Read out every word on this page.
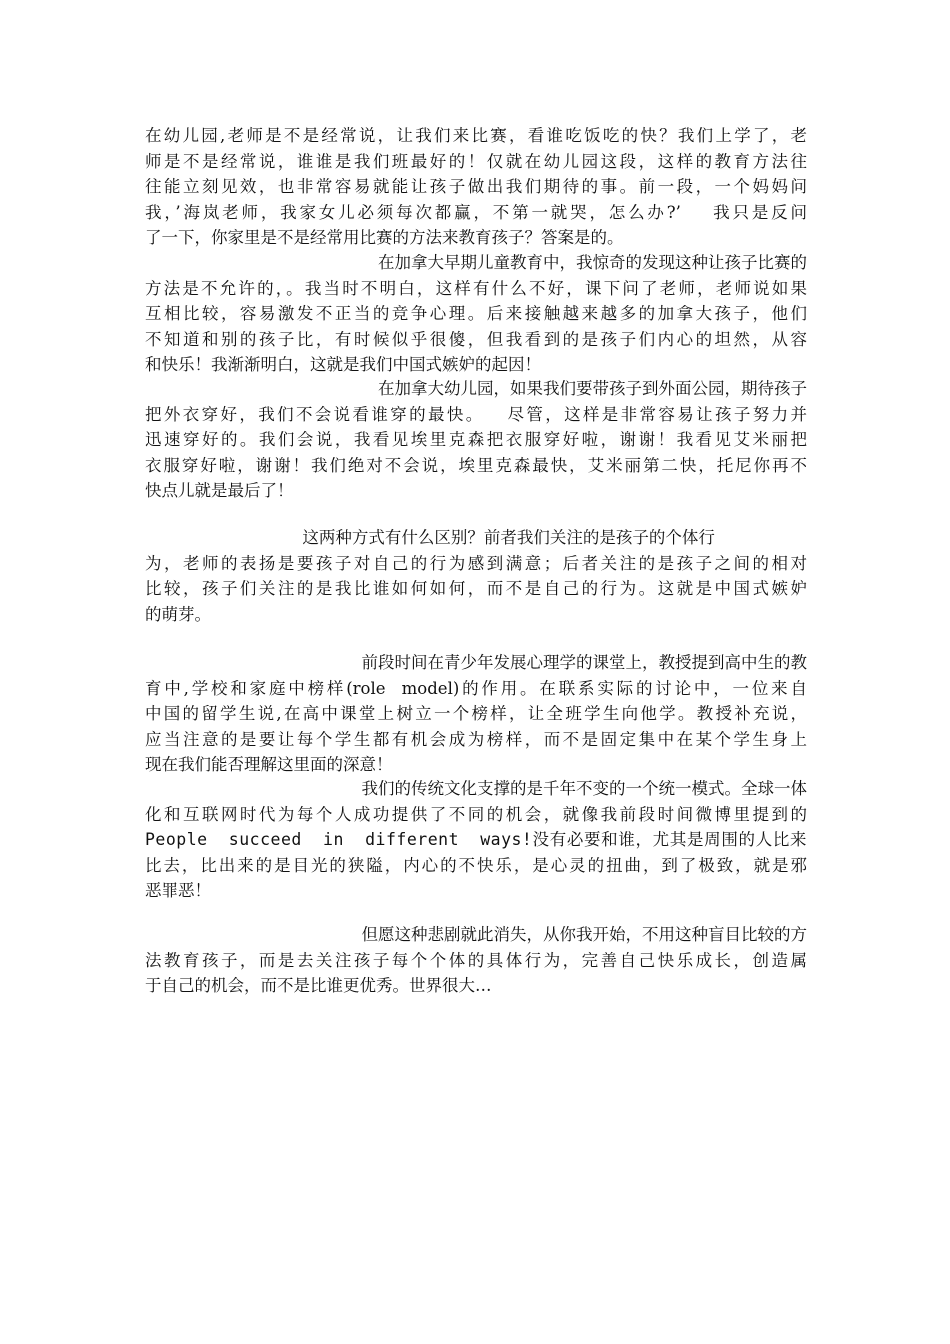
在幼儿园,老师是不是经常说，让我们来比赛，看谁吃饭吃的快？我们上学了，老
师是不是经常说，谁谁是我们班最好的！仅就在幼儿园这段，这样的教育方法往
往能立刻见效，也非常容易就能让孩子做出我们期待的事。前一段，一个妈妈问
我，’海岚老师，我家女儿必须每次都赢，不第一就哭，怎么办?’    我只是反问
了一下，你家里是不是经常用比赛的方法来教育孩子？答案是的。
在加拿大早期儿童教育中，我惊奇的发现这种让孩子比赛的
方法是不允许的，。我当时不明白，这样有什么不好，课下问了老师，老师说如果
互相比较，容易激发不正当的竞争心理。后来接触越来越多的加拿大孩子，他们
不知道和别的孩子比，有时候似乎很傻，但我看到的是孩子们内心的坦然，从容
和快乐！我渐渐明白，这就是我们中国式嫉妒的起因！
在加拿大幼儿园，如果我们要带孩子到外面公园，期待孩子
把外衣穿好，我们不会说看谁穿的最快。   尽管，这样是非常容易让孩子努力并
迅速穿好的。我们会说，我看见埃里克森把衣服穿好啦，谢谢！我看见艾米丽把
衣服穿好啦，谢谢！我们绝对不会说，埃里克森最快，艾米丽第二快，托尼你再不
快点儿就是最后了！
这两种方式有什么区别？前者我们关注的是孩子的个体行
为，老师的表扬是要孩子对自己的行为感到满意；后者关注的是孩子之间的相对
比较，孩子们关注的是我比谁如何如何，而不是自己的行为。这就是中国式嫉妒
的萌芽。
前段时间在青少年发展心理学的课堂上，教授提到高中生的教
育中,学校和家庭中榜样(role  model)的作用。在联系实际的讨论中，一位来自
中国的留学生说,在高中课堂上树立一个榜样，让全班学生向他学。教授补充说，
应当注意的是要让每个学生都有机会成为榜样，而不是固定集中在某个学生身上
现在我们能否理解这里面的深意！
我们的传统文化支撑的是千年不变的一个统一模式。全球一体
化和互联网时代为每个人成功提供了不同的机会，就像我前段时间微博里提到的
People  succeed  in  different  ways!没有必要和谁，尤其是周围的人比来
比去，比出来的是目光的狭隘，内心的不快乐，是心灵的扭曲，到了极致，就是邪
恶罪恶！
但愿这种悲剧就此消失，从你我开始，不用这种盲目比较的方
法教育孩子，而是去关注孩子每个个体的具体行为，完善自己快乐成长，创造属
于自己的机会，而不是比谁更优秀。世界很大…
